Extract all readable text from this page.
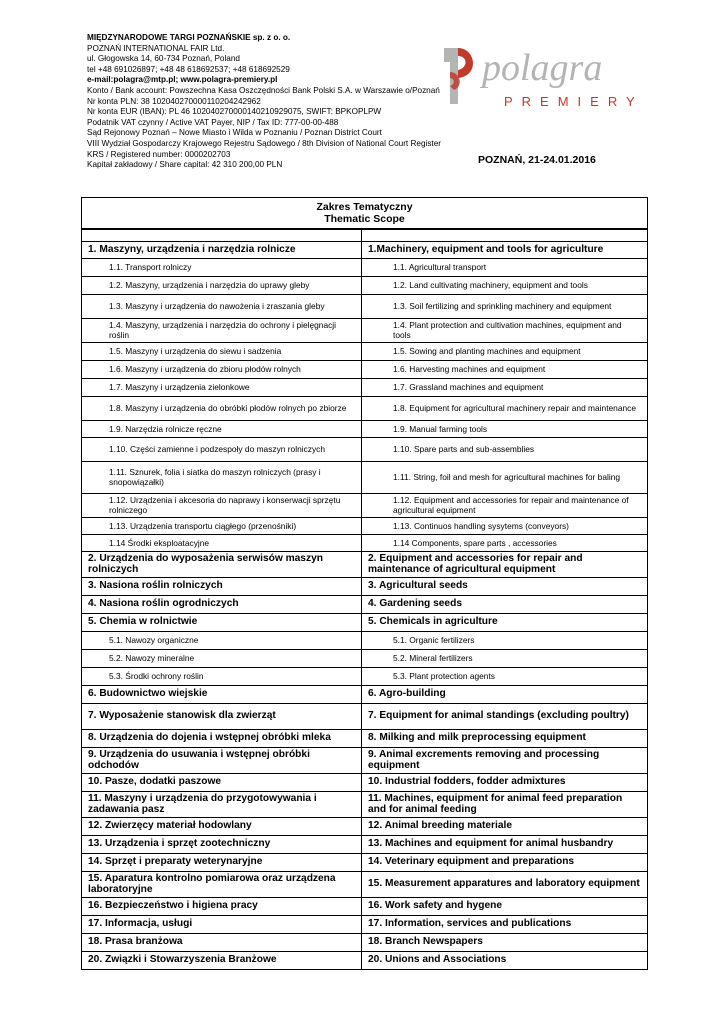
MIĘDZYNARODOWE TARGI POZNAŃSKIE sp. z o. o.
POZNAŃ INTERNATIONAL FAIR Ltd.
ul. Głogowska 14, 60-734 Poznań, Poland
tel +48 691026897; +48 48 618692537; +48 618692529
e-mail:polagra@mtp.pl; www.polagra-premiery.pl
Konto / Bank account: Powszechna Kasa Oszczędności Bank Polski S.A. w Warszawie o/Poznań
Nr konta PLN: 38 1020402700001102042429​62
Nr konta EUR (IBAN): PL 46 10204027000014021092​9075, SWIFT: BPKOPLPW
Podatnik VAT czynny / Active VAT Payer, NIP / Tax ID: 777-00-00-488
Sąd Rejonowy Poznań – Nowe Miasto i Wilda w Poznaniu / Poznan District Court
VIII Wydział Gospodarczy Krajowego Rejestru Sądowego / 8th Division of National Court Register
KRS / Registered number: 0000202703
Kapitał zakładowy / Share capital: 42 310 200,00 PLN
polagra
PREMIERY
POZNAŃ, 21-24.01.2016
Zakres Tematyczny
Thematic Scope	

1. Maszyny, urządzenia i narzędzia rolnicze	1.Machinery, equipment and tools for agriculture
1.1. Transport rolniczy	1.1. Agricultural transport
1.2. Maszyny, urządzenia i narzędzia do uprawy gleby	1.2. Land cultivating machinery, equipment and tools
1.3. Maszyny i urządzenia do nawożenia i zraszania gleby	1.3. Soil fertilizing and sprinkling machinery and equipment
1.4. Maszyny, urządzenia i narzędzia do ochrony i pielęgnacji roślin	1.4. Plant protection and cultivation machines, equipment and tools
1.5. Maszyny i urządzenia do siewu i sadzenia	1.5. Sowing and planting machines and equipment
1.6. Maszyny i urządzenia do zbioru płodów rolnych	1.6. Harvesting machines and equipment
1.7. Maszyny i urządzenia zielonkowe	1.7. Grassland machines and equipment
1.8. Maszyny i urządzenia do obróbki płodów rolnych po zbiorze	1.8. Equipment for agricultural machinery repair and maintenance
1.9. Narzędzia rolnicze ręczne	1.9. Manual farming tools
1.10. Części zamienne i podzespoły do maszyn rolniczych	1.10. Spare parts and sub-assemblies
1.11. Sznurek, folia i siatka do maszyn rolniczych (prasy i snopowiązałki)	1.11. String, foil and mesh for agricultural machines for baling
1.12. Urządzenia i akcesoria do naprawy i konserwacji sprzętu rolniczego	1.12. Equipment and accessories for repair and maintenance of agricultural equipment
1.13. Urządzenia transportu ciągłego (przenośniki)	1.13. Continuos handling sysytems (conveyors)
1.14 Środki eksploatacyjne	1.14 Components, spare parts , accessories
2. Urządzenia do wyposażenia serwisów maszyn rolniczych	2. Equipment and accessories for repair and maintenance of agricultural equipment
3. Nasiona roślin rolniczych	3. Agricultural seeds
4. Nasiona roślin ogrodniczych	4. Gardening seeds
5. Chemia w rolnictwie	5. Chemicals in agriculture
5.1. Nawozy organiczne	5.1. Organic fertilizers
5.2. Nawozy mineralne	5.2. Mineral fertilizers
5.3. Środki ochrony roślin	5.3. Plant protection agents
6. Budownictwo wiejskie	6. Agro-building
7. Wyposażenie stanowisk dla zwierząt	7. Equipment for animal standings (excluding poultry)
8. Urządzenia do dojenia i wstępnej obróbki mleka	8. Milking and milk preprocessing equipment
9. Urządzenia do usuwania i wstępnej obróbki odchodów	9. Animal excrements removing and processing equipment
10. Pasze, dodatki paszowe	10. Industrial fodders, fodder admixtures
11. Maszyny i urządzenia do przygotowywania i zadawania pasz	11. Machines, equipment for animal feed preparation and for animal feeding
12. Zwierzęcy materiał hodowlany	12. Animal breeding materiale
13. Urządzenia i sprzęt zootechniczny	13. Machines and equipment for animal husbandry
14. Sprzęt i preparaty weterynaryjne	14. Veterinary equipment and preparations
15. Aparatura kontrolno pomiarowa oraz urządzena laboratoryjne	15. Measurement apparatures and laboratory equipment
16. Bezpieczeństwo i higiena pracy	16. Work safety and hygene
17. Informacja, usługi	17. Information, services and publications
18. Prasa branżowa	18. Branch Newspapers
20. Związki i Stowarzyszenia Branżowe	20. Unions and Associations
